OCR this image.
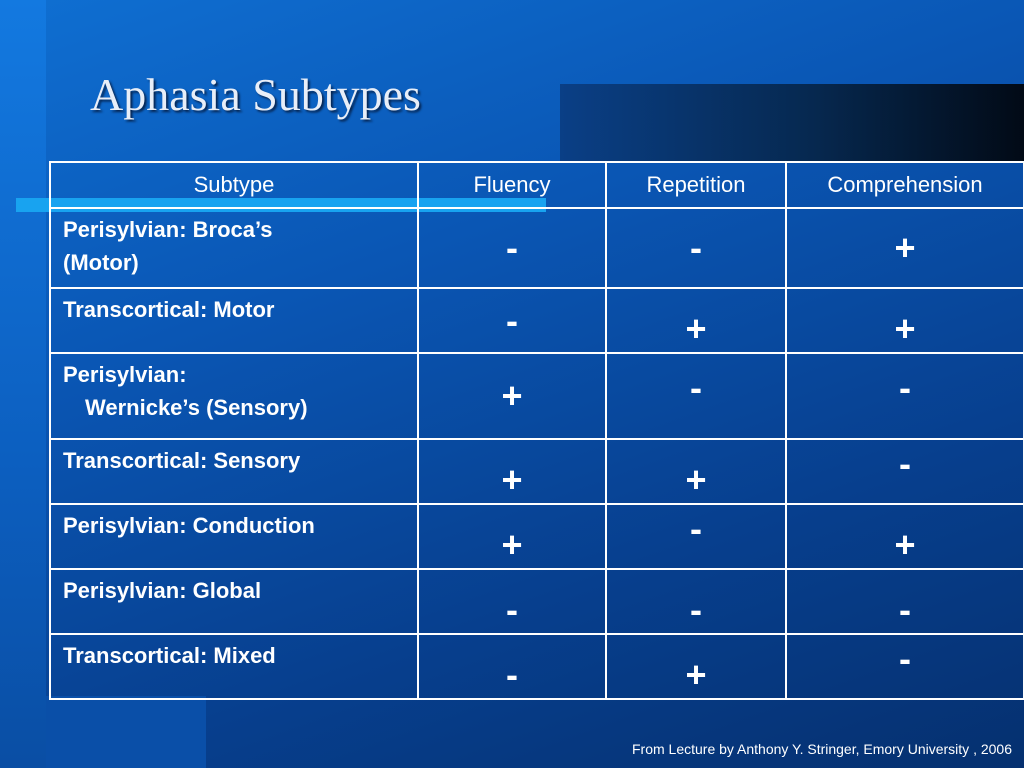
Aphasia Subtypes
Subtype	Fluency	Repetition	Comprehension

Perisylvian: Broca’s
(Motor)	-	-	+

Transcortical: Motor	-	+	+

Perisylvian:
Wernicke’s (Sensory)	+	-	-

Transcortical: Sensory	+	+	-

Perisylvian: Conduction	+	-	+

Perisylvian: Global	-	-	-

Transcortical: Mixed	-	+	-
From Lecture by Anthony Y. Stringer, Emory University , 2006
